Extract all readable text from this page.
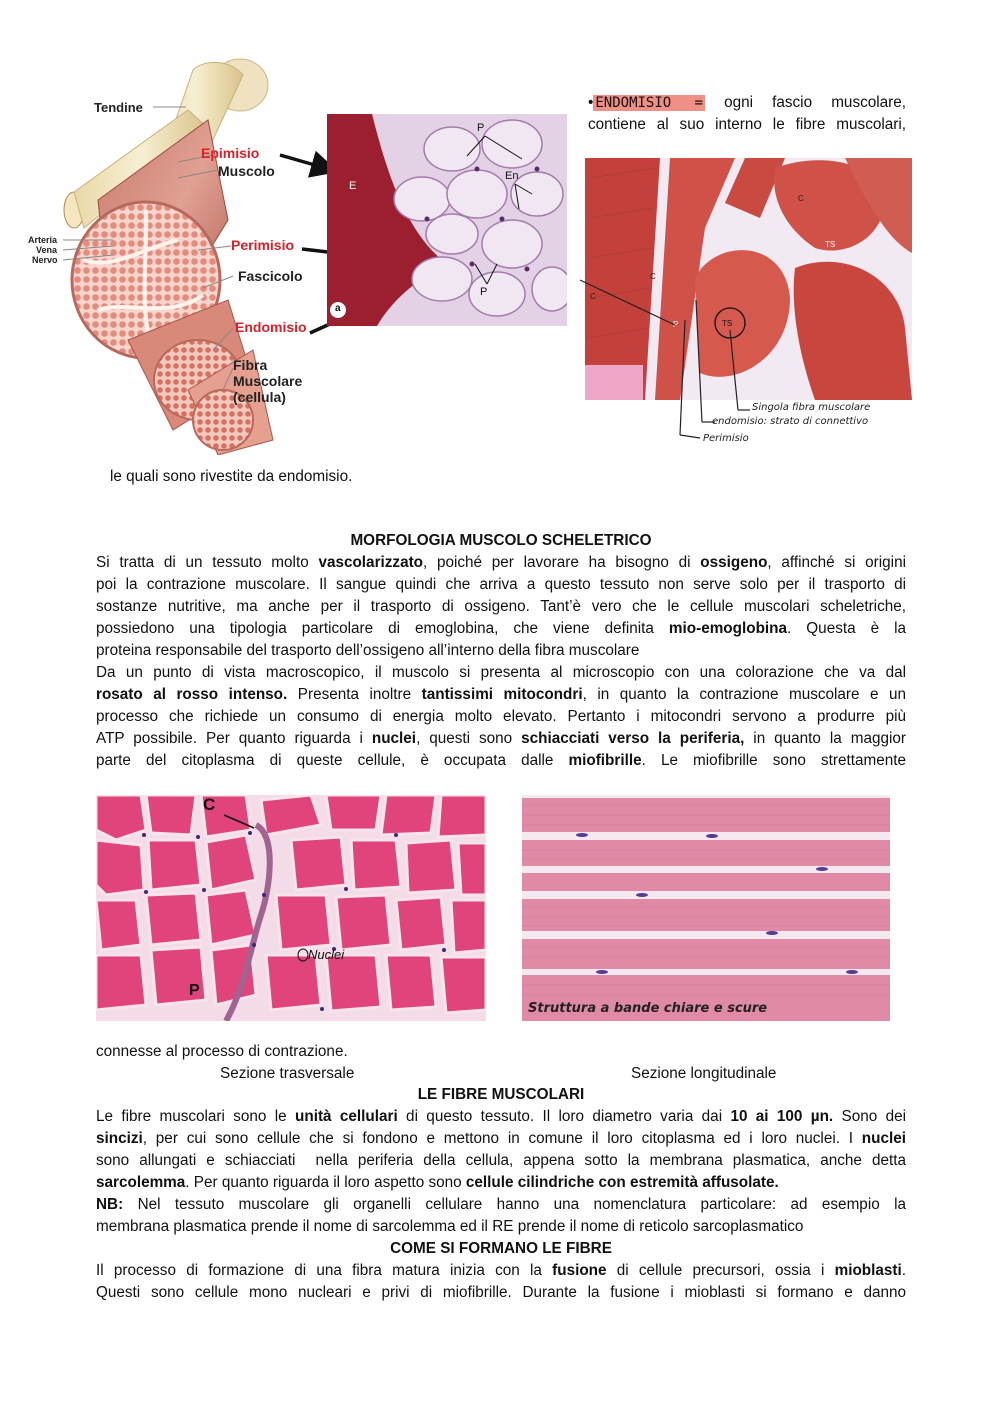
• ENDOMISIO = ogni fascio muscolare,
contiene al suo interno le fibre muscolari,
Tendine
Epimisio
Muscolo
Arteria
Vena
Nervo
Perimisio
Fascicolo
Endomisio
Fibra Muscolare (cellula)
P
En
E
P
a
C
TS
C
TS
P
C
Singola fibra muscolare
endomisio: strato di connettivo
Perimisio
le quali sono rivestite da endomisio.
MORFOLOGIA MUSCOLO SCHELETRICO
Si tratta di un tessuto molto vascolarizzato, poiché per lavorare ha bisogno di ossigeno, affinché si origini
poi la contrazione muscolare. Il sangue quindi che arriva a questo tessuto non serve solo per il trasporto di
sostanze nutritive, ma anche per il trasporto di ossigeno. Tant’è vero che le cellule muscolari scheletriche,
possiedono una tipologia particolare di emoglobina, che viene definita mio-emoglobina. Questa è la
proteina responsabile del trasporto dell’ossigeno all’interno della fibra muscolare
Da un punto di vista macroscopico, il muscolo si presenta al microscopio con una colorazione che va dal
rosato al rosso intenso. Presenta inoltre tantissimi mitocondri, in quanto la contrazione muscolare e un
processo che richiede un consumo di energia molto elevato. Pertanto i mitocondri servono a produrre più
ATP possibile. Per quanto riguarda i nuclei, questi sono schiacciati verso la periferia, in quanto la maggior
parte del citoplasma di queste cellule, è occupata dalle miofibrille. Le miofibrille sono strettamente
C
Nuclei
P
Struttura a bande chiare e scure
connesse al processo di contrazione.
Sezione trasversale	Sezione longitudinale
LE FIBRE MUSCOLARI
Le fibre muscolari sono le unità cellulari di questo tessuto. Il loro diametro varia dai 10 ai 100 µn. Sono dei
sincizi, per cui sono cellule che si fondono e mettono in comune il loro citoplasma ed i loro nuclei. I nuclei
sono allungati e schiacciati  nella periferia della cellula, appena sotto la membrana plasmatica, anche detta
sarcolemma. Per quanto riguarda il loro aspetto sono cellule cilindriche con estremità affusolate.
NB: Nel tessuto muscolare gli organelli cellulare hanno una nomenclatura particolare: ad esempio la
membrana plasmatica prende il nome di sarcolemma ed il RE prende il nome di reticolo sarcoplasmatico
COME SI FORMANO LE FIBRE
Il processo di formazione di una fibra matura inizia con la fusione di cellule precursori, ossia i mioblasti.
Questi sono cellule mono nucleari e privi di miofibrille. Durante la fusione i mioblasti si formano e danno
